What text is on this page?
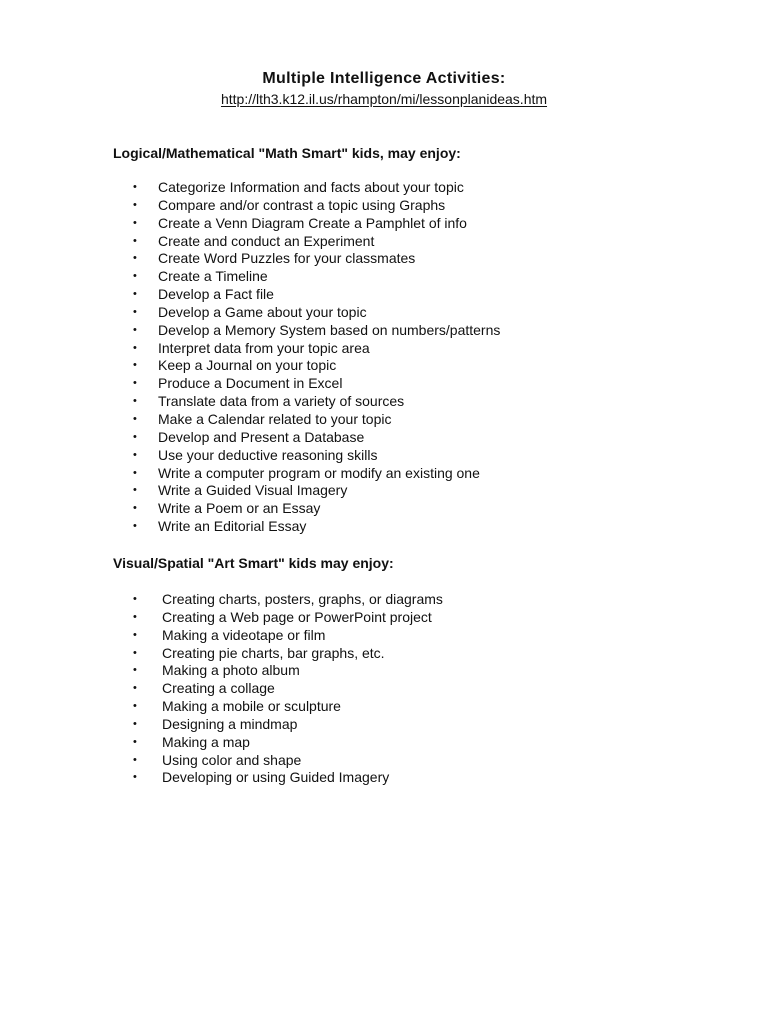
Multiple Intelligence Activities:
http://lth3.k12.il.us/rhampton/mi/lessonplanideas.htm
Logical/Mathematical "Math Smart" kids, may enjoy:
• Categorize Information and facts about your topic
• Compare and/or contrast a topic using Graphs
• Create a Venn Diagram Create a Pamphlet of info
• Create and conduct an Experiment
• Create Word Puzzles for your classmates
• Create a Timeline
• Develop a Fact file
• Develop a Game about your topic
• Develop a Memory System based on numbers/patterns
• Interpret data from your topic area
• Keep a Journal on your topic
• Produce a Document in Excel
• Translate data from a variety of sources
• Make a Calendar related to your topic
• Develop and Present a Database
• Use your deductive reasoning skills
• Write a computer program or modify an existing one
• Write a Guided Visual Imagery
• Write a Poem or an Essay
• Write an Editorial Essay
Visual/Spatial "Art Smart" kids may enjoy:
• Creating charts, posters, graphs, or diagrams
• Creating a Web page or PowerPoint project
• Making a videotape or film
• Creating pie charts, bar graphs, etc.
• Making a photo album
• Creating a collage
• Making a mobile or sculpture
• Designing a mindmap
• Making a map
• Using color and shape
• Developing or using Guided Imagery
